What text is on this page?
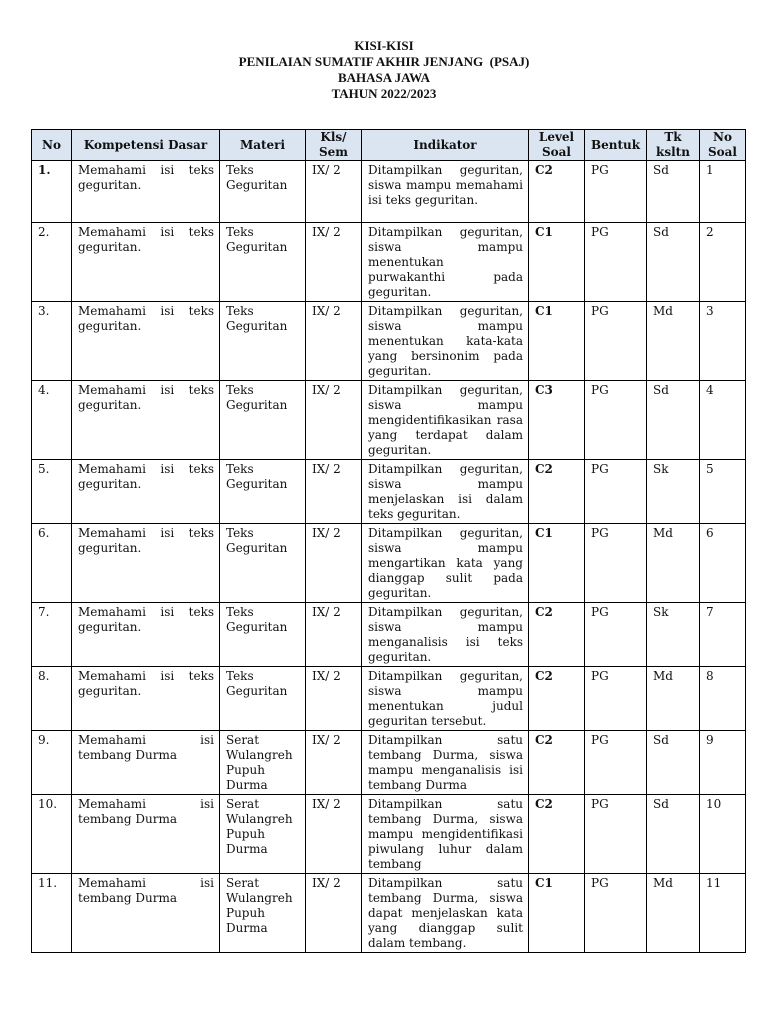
KISI-KISI
PENILAIAN SUMATIF AKHIR JENJANG  (PSAJ)
BAHASA JAWA
TAHUN 2022/2023
No	Kompetensi Dasar	Materi	Kls/ Sem	Indikator	Level Soal	Bentuk	Tk ksltn	No Soal
1.	Memahami isi teks geguritan.	Teks Geguritan	IX/ 2	Ditampilkan geguritan, siswa mampu memahami isi teks geguritan.	C2	PG	Sd	1
2.	Memahami isi teks geguritan.	Teks Geguritan	IX/ 2	Ditampilkan geguritan, siswa mampu menentukan purwakanthi pada geguritan.	C1	PG	Sd	2
3.	Memahami isi teks geguritan.	Teks Geguritan	IX/ 2	Ditampilkan geguritan, siswa mampu menentukan kata-kata yang bersinonim pada geguritan.	C1	PG	Md	3
4.	Memahami isi teks geguritan.	Teks Geguritan	IX/ 2	Ditampilkan geguritan, siswa mampu mengidentifikasikan rasa yang terdapat dalam geguritan.	C3	PG	Sd	4
5.	Memahami isi teks geguritan.	Teks Geguritan	IX/ 2	Ditampilkan geguritan, siswa mampu menjelaskan isi dalam teks geguritan.	C2	PG	Sk	5
6.	Memahami isi teks geguritan.	Teks Geguritan	IX/ 2	Ditampilkan geguritan, siswa mampu mengartikan kata yang dianggap sulit pada geguritan.	C1	PG	Md	6
7.	Memahami isi teks geguritan.	Teks Geguritan	IX/ 2	Ditampilkan geguritan, siswa mampu menganalisis isi teks geguritan.	C2	PG	Sk	7
8.	Memahami isi teks geguritan.	Teks Geguritan	IX/ 2	Ditampilkan geguritan, siswa mampu menentukan judul geguritan tersebut.	C2	PG	Md	8
9.	Memahami isi tembang Durma	Serat Wulangreh Pupuh Durma	IX/ 2	Ditampilkan satu tembang Durma, siswa mampu menganalisis isi tembang Durma	C2	PG	Sd	9
10.	Memahami isi tembang Durma	Serat Wulangreh Pupuh Durma	IX/ 2	Ditampilkan satu tembang Durma, siswa mampu mengidentifikasi piwulang luhur dalam tembang	C2	PG	Sd	10
11.	Memahami isi tembang Durma	Serat Wulangreh Pupuh Durma	IX/ 2	Ditampilkan satu tembang Durma, siswa dapat menjelaskan kata yang dianggap sulit dalam tembang.	C1	PG	Md	11
